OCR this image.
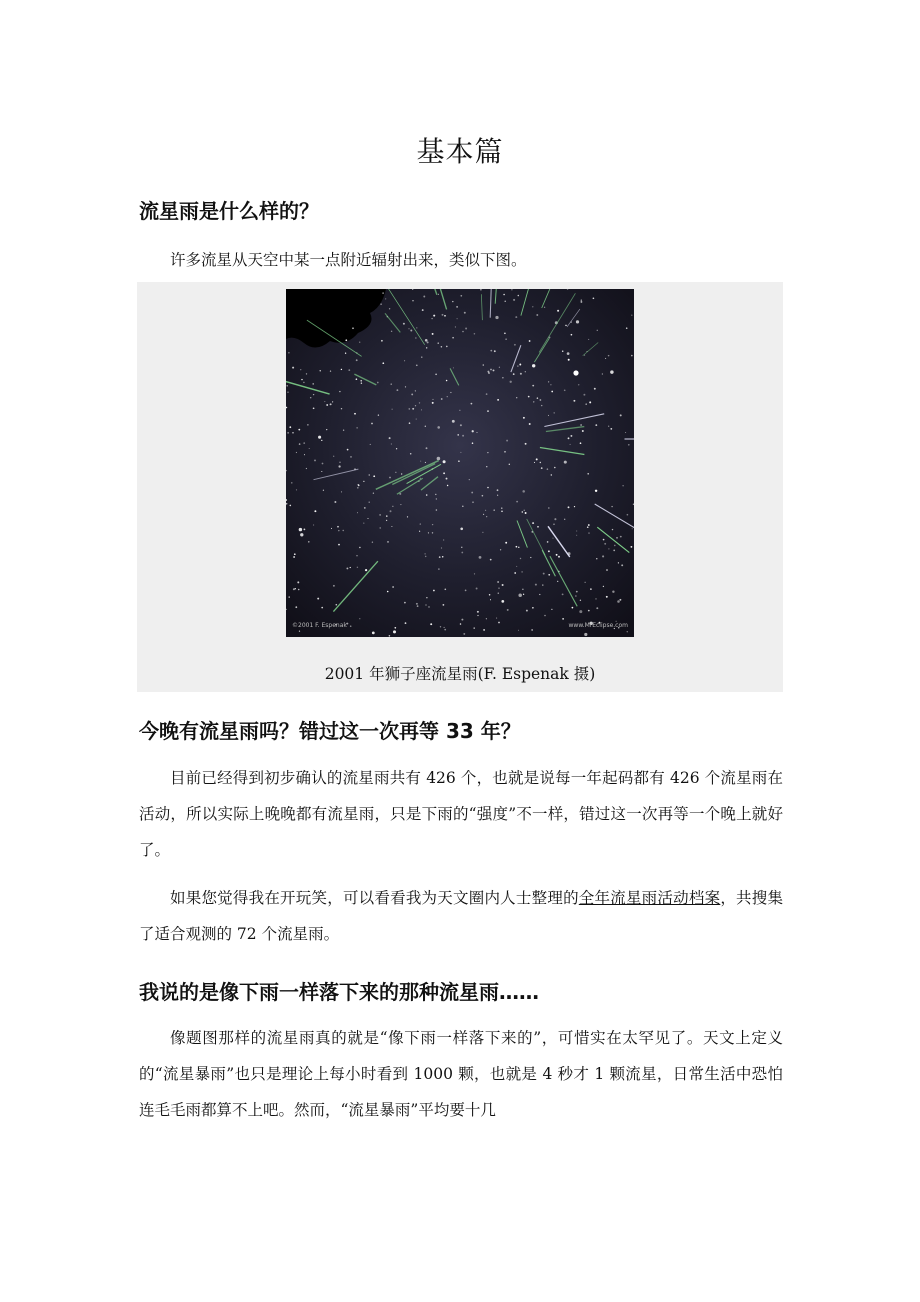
基本篇
流星雨是什么样的？
许多流星从天空中某一点附近辐射出来，类似下图。
©2001 F. Espenak	www.MrEclipse.com
2001 年狮子座流星雨(F. Espenak 摄)
今晚有流星雨吗？错过这一次再等 33 年？
目前已经得到初步确认的流星雨共有 426 个，也就是说每一年起码都有 426 个流星雨在活动，所以实际上晚晚都有流星雨，只是下雨的“强度”不一样，错过这一次再等一个晚上就好了。
如果您觉得我在开玩笑，可以看看我为天文圈内人士整理的全年流星雨活动档案，共搜集了适合观测的 72 个流星雨。
我说的是像下雨一样落下来的那种流星雨……
像题图那样的流星雨真的就是“像下雨一样落下来的”，可惜实在太罕见了。天文上定义的“流星暴雨”也只是理论上每小时看到 1000 颗，也就是 4 秒才 1 颗流星，日常生活中恐怕连毛毛雨都算不上吧。然而，“流星暴雨”平均要十几
